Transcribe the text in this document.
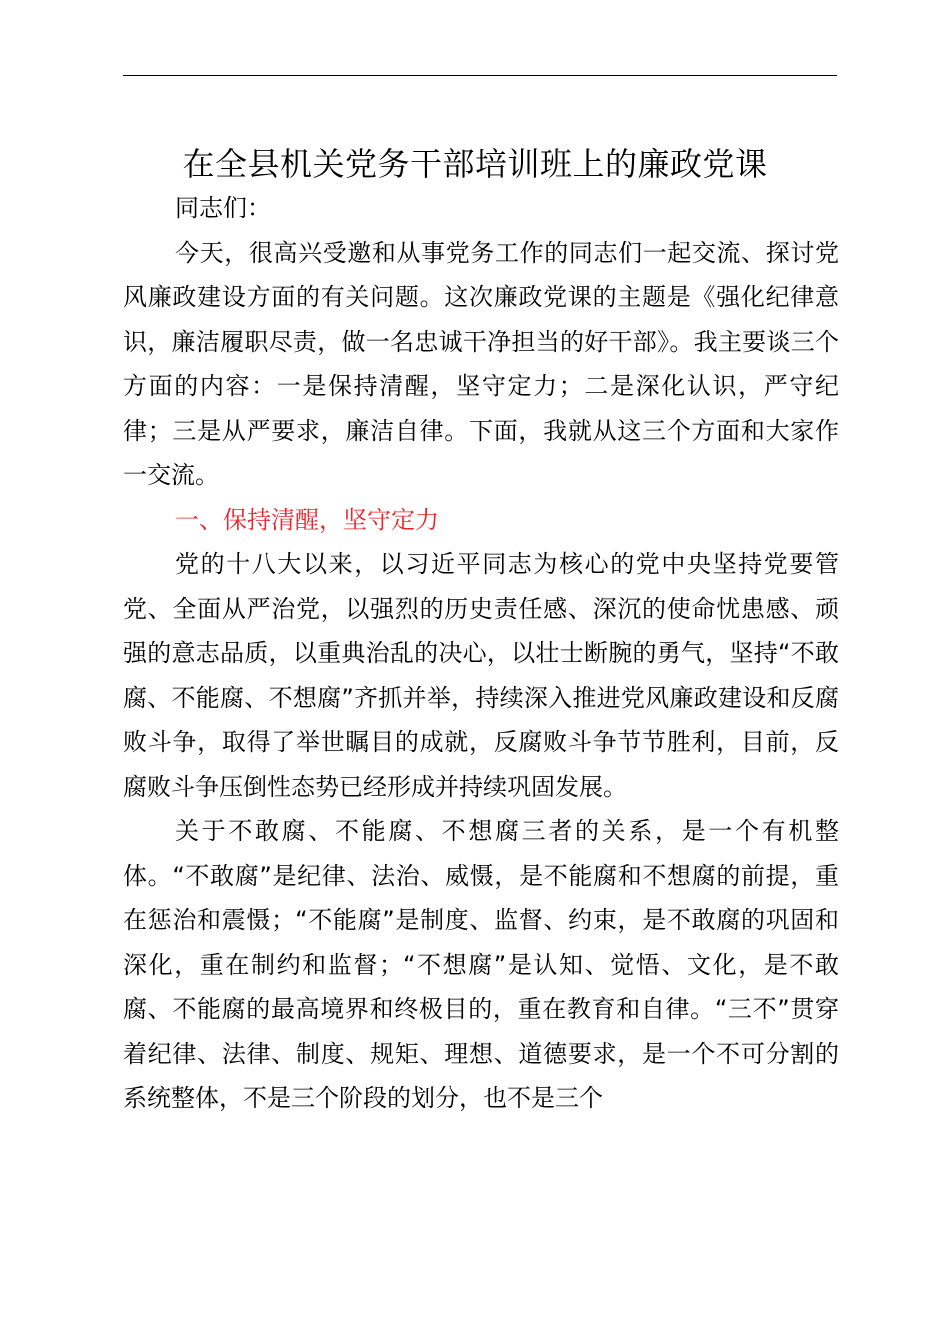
在全县机关党务干部培训班上的廉政党课

同志们：

今天，很高兴受邀和从事党务工作的同志们一起交流、探讨党风廉政建设方面的有关问题。这次廉政党课的主题是《强化纪律意识，廉洁履职尽责，做一名忠诚干净担当的好干部》。我主要谈三个方面的内容：一是保持清醒，坚守定力；二是深化认识，严守纪律；三是从严要求，廉洁自律。下面，我就从这三个方面和大家作一交流。

一、保持清醒，坚守定力

党的十八大以来，以习近平同志为核心的党中央坚持党要管党、全面从严治党，以强烈的历史责任感、深沉的使命忧患感、顽强的意志品质，以重典治乱的决心，以壮士断腕的勇气，坚持“不敢腐、不能腐、不想腐”齐抓并举，持续深入推进党风廉政建设和反腐败斗争，取得了举世瞩目的成就，反腐败斗争节节胜利，目前，反腐败斗争压倒性态势已经形成并持续巩固发展。

关于不敢腐、不能腐、不想腐三者的关系，是一个有机整体。“不敢腐”是纪律、法治、威慑，是不能腐和不想腐的前提，重在惩治和震慑；“不能腐”是制度、监督、约束，是不敢腐的巩固和深化，重在制约和监督；“不想腐”是认知、觉悟、文化，是不敢腐、不能腐的最高境界和终极目的，重在教育和自律。“三不”贯穿着纪律、法律、制度、规矩、理想、道德要求，是一个不可分割的系统整体，不是三个阶段的划分，也不是三个
